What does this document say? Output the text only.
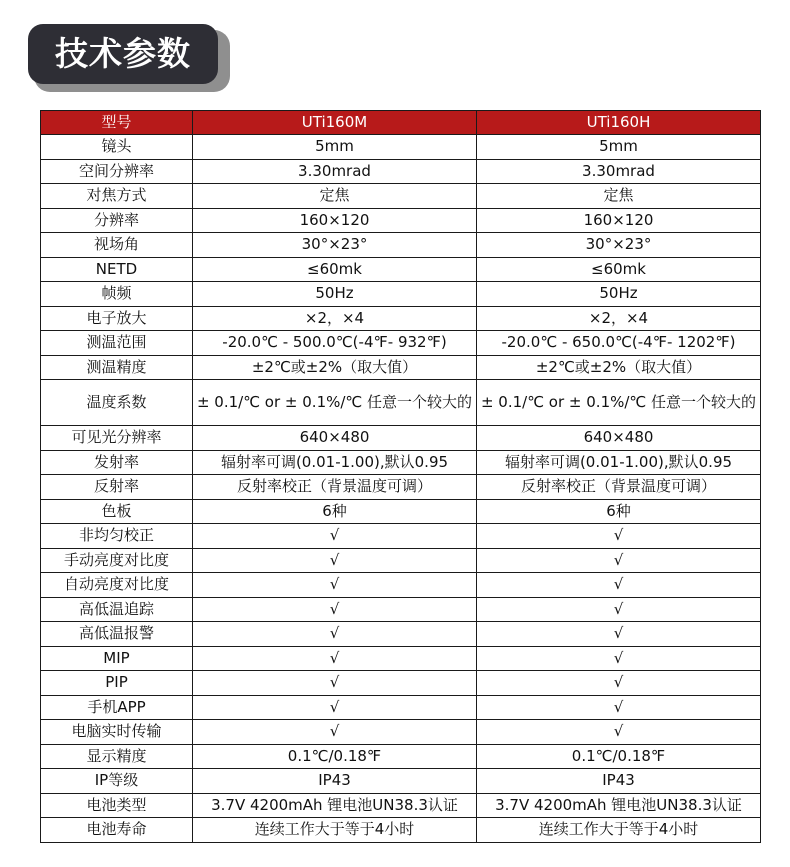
技术参数
型号	UTi160M	UTi160H
镜头	5mm	5mm
空间分辨率	3.30mrad	3.30mrad
对焦方式	定焦	定焦
分辨率	160×120	160×120
视场角	30°×23°	30°×23°
NETD	≤60mk	≤60mk
帧频	50Hz	50Hz
电子放大	×2，×4	×2，×4
测温范围	-20.0℃ - 500.0℃(-4℉- 932℉)	-20.0℃ - 650.0℃(-4℉- 1202℉)
测温精度	±2℃或±2%（取大值）	±2℃或±2%（取大值）
温度系数	± 0.1/℃ or ± 0.1%/℃ 任意一个较大的	± 0.1/℃ or ± 0.1%/℃ 任意一个较大的
可见光分辨率	640×480	640×480
发射率	辐射率可调(0.01-1.00),默认0.95	辐射率可调(0.01-1.00),默认0.95
反射率	反射率校正（背景温度可调）	反射率校正（背景温度可调）
色板	6种	6种
非均匀校正	√	√
手动亮度对比度	√	√
自动亮度对比度	√	√
高低温追踪	√	√
高低温报警	√	√
MIP	√	√
PIP	√	√
手机APP	√	√
电脑实时传输	√	√
显示精度	0.1℃/0.18℉	0.1℃/0.18℉
IP等级	IP43	IP43
电池类型	3.7V 4200mAh 锂电池UN38.3认证	3.7V 4200mAh 锂电池UN38.3认证
电池寿命	连续工作大于等于4小时	连续工作大于等于4小时
